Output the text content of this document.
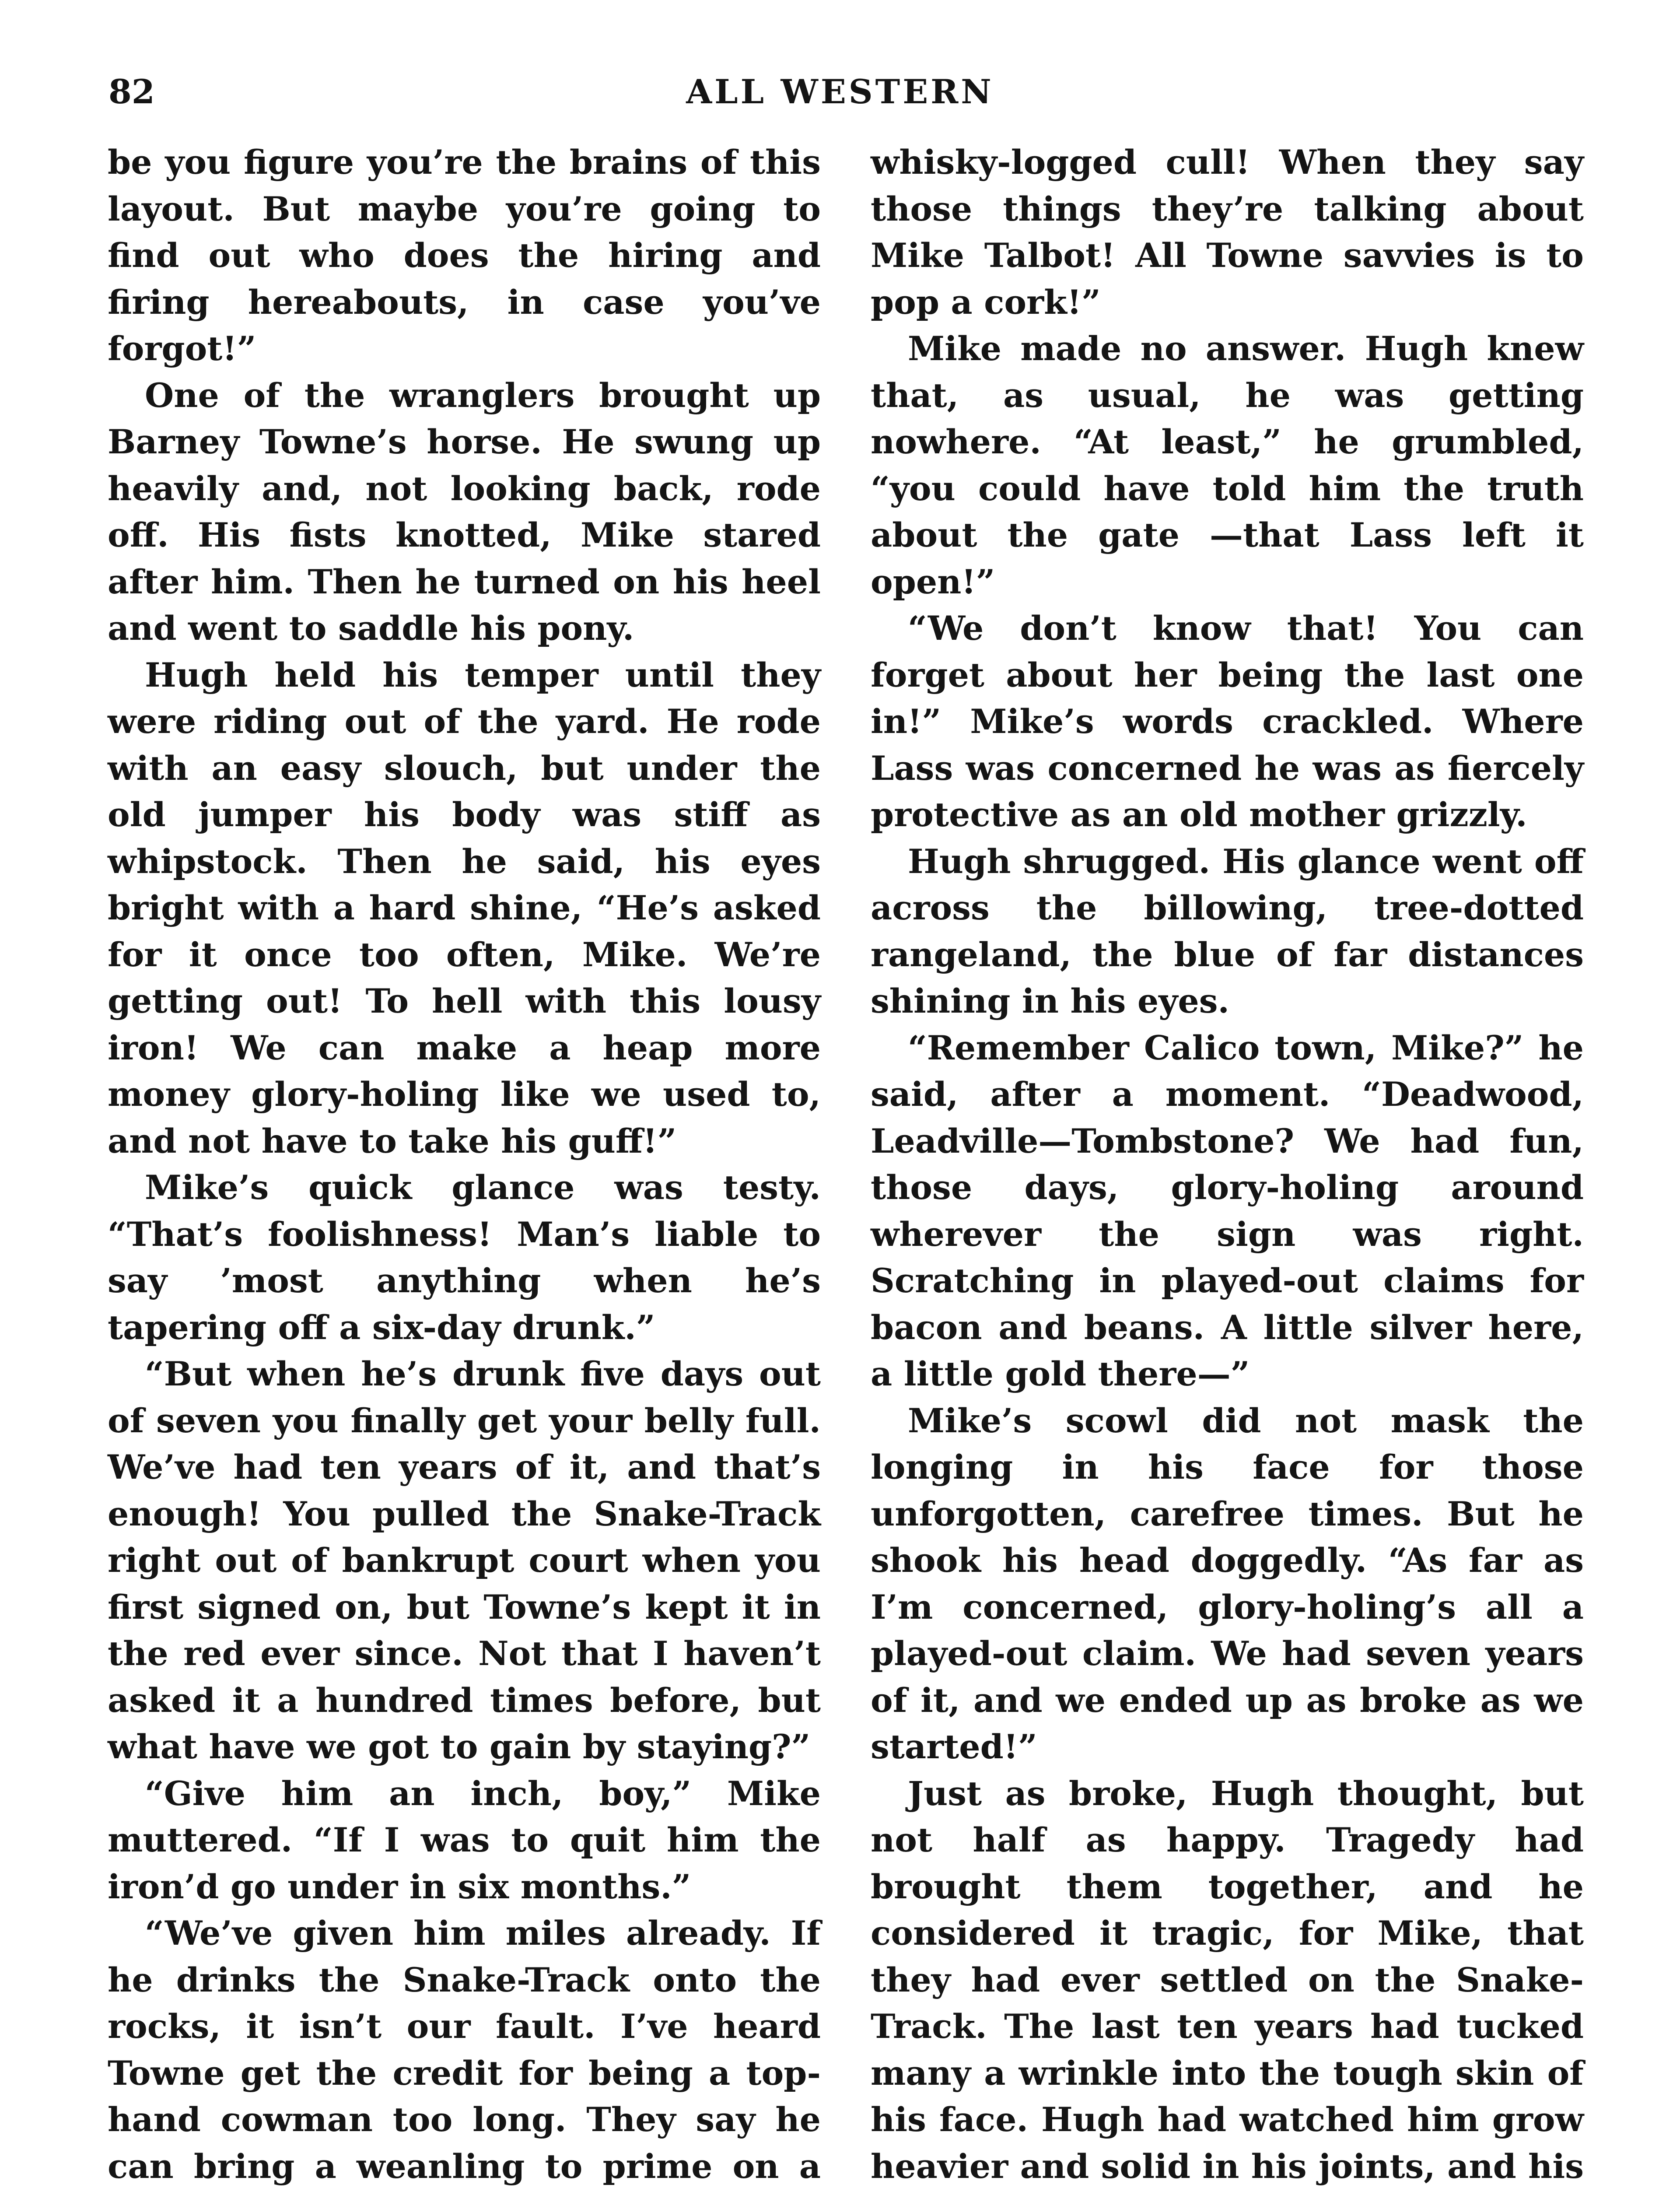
82	ALL WESTERN

be you figure you’re the brains of this layout. But maybe you’re going to find out who does the hiring and firing hereabouts, in case you’ve forgot!”

One of the wranglers brought up Barney Towne’s horse. He swung up heavily and, not looking back, rode off. His fists knotted, Mike stared after him. Then he turned on his heel and went to saddle his pony.

Hugh held his temper until they were riding out of the yard. He rode with an easy slouch, but under the old jumper his body was stiff as whipstock. Then he said, his eyes bright with a hard shine, “He’s asked for it once too often, Mike. We’re getting out! To hell with this lousy iron! We can make a heap more money glory-holing like we used to, and not have to take his guff!”

Mike’s quick glance was testy. “That’s foolishness! Man’s liable to say ’most anything when he’s tapering off a six-day drunk.”

“But when he’s drunk five days out of seven you finally get your belly full. We’ve had ten years of it, and that’s enough! You pulled the Snake-Track right out of bankrupt court when you first signed on, but Towne’s kept it in the red ever since. Not that I haven’t asked it a hundred times before, but what have we got to gain by staying?”

“Give him an inch, boy,” Mike muttered. “If I was to quit him the iron’d go under in six months.”

“We’ve given him miles already. If he drinks the Snake-Track onto the rocks, it isn’t our fault. I’ve heard Towne get the credit for being a top-hand cowman too long. They say he can bring a weanling to prime on a

whisky-logged cull! When they say those things they’re talking about Mike Talbot! All Towne savvies is to pop a cork!”

Mike made no answer. Hugh knew that, as usual, he was getting nowhere. “At least,” he grumbled, “you could have told him the truth about the gate —that Lass left it open!”

“We don’t know that! You can forget about her being the last one in!” Mike’s words crackled. Where Lass was concerned he was as fiercely protective as an old mother grizzly.

Hugh shrugged. His glance went off across the billowing, tree-dotted rangeland, the blue of far distances shining in his eyes.

“Remember Calico town, Mike?” he said, after a moment. “Deadwood, Leadville—Tombstone? We had fun, those days, glory-holing around wherever the sign was right. Scratching in played-out claims for bacon and beans. A little silver here, a little gold there—”

Mike’s scowl did not mask the longing in his face for those unforgotten, carefree times. But he shook his head doggedly. “As far as I’m concerned, glory-holing’s all a played-out claim. We had seven years of it, and we ended up as broke as we started!”

Just as broke, Hugh thought, but not half as happy. Tragedy had brought them together, and he considered it tragic, for Mike, that they had ever settled on the Snake-Track. The last ten years had tucked many a wrinkle into the tough skin of his face. Hugh had watched him grow heavier and solid in his joints, and his
